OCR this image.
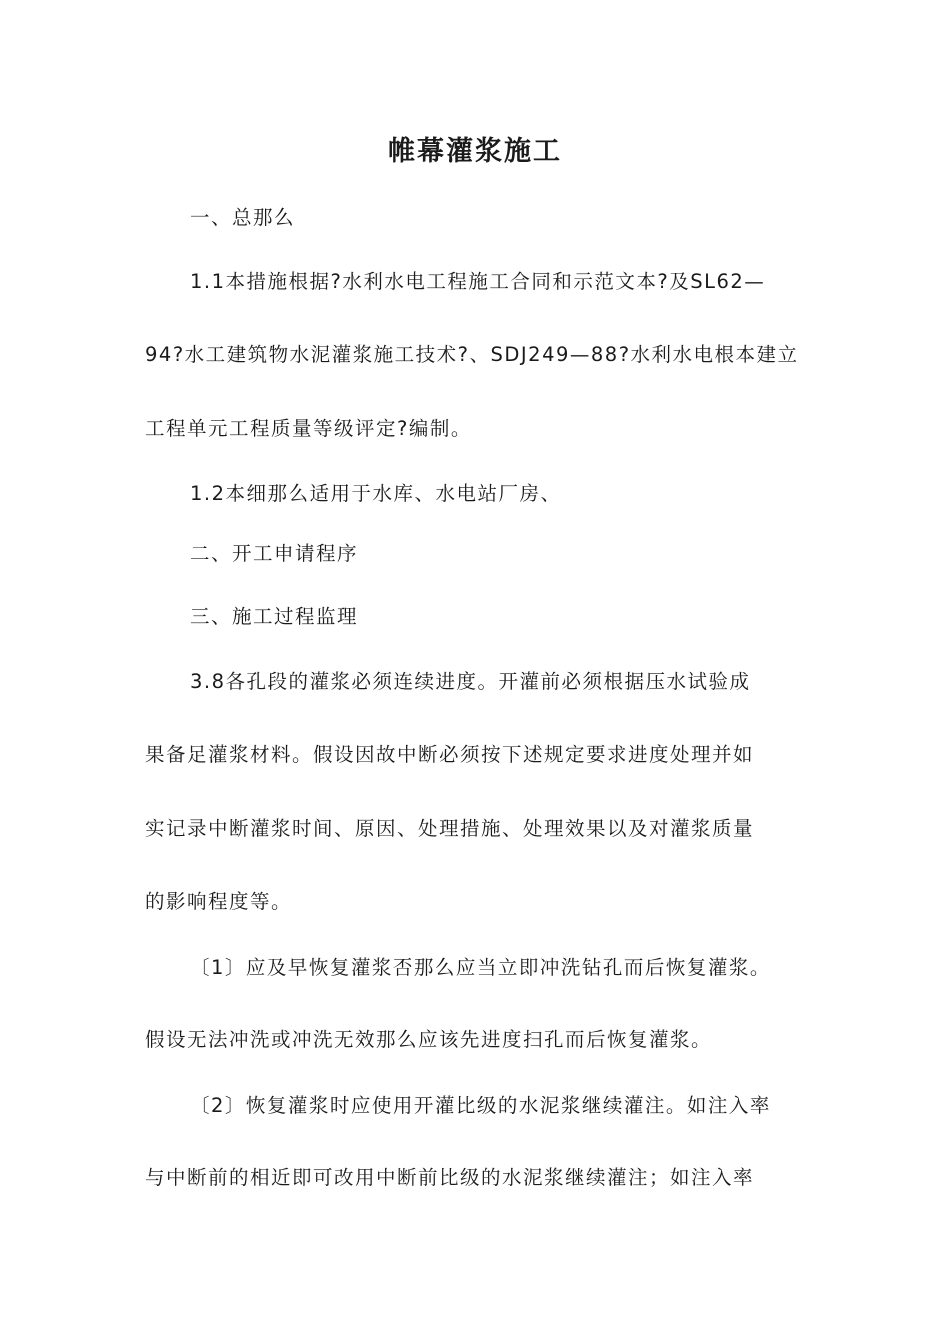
帷幕灌浆施工

一、总那么

1.1本措施根据?水利水电工程施工合同和示范文本?及SL62—

94?水工建筑物水泥灌浆施工技术?、SDJ249—88?水利水电根本建立

工程单元工程质量等级评定?编制。

1.2本细那么适用于水库、水电站厂房、

二、开工申请程序

三、施工过程监理

3.8各孔段的灌浆必须连续进度。开灌前必须根据压水试验成

果备足灌浆材料。假设因故中断必须按下述规定要求进度处理并如

实记录中断灌浆时间、原因、处理措施、处理效果以及对灌浆质量

的影响程度等。

〔1〕应及早恢复灌浆否那么应当立即冲洗钻孔而后恢复灌浆。

假设无法冲洗或冲洗无效那么应该先进度扫孔而后恢复灌浆。

〔2〕恢复灌浆时应使用开灌比级的水泥浆继续灌注。如注入率

与中断前的相近即可改用中断前比级的水泥浆继续灌注；如注入率
